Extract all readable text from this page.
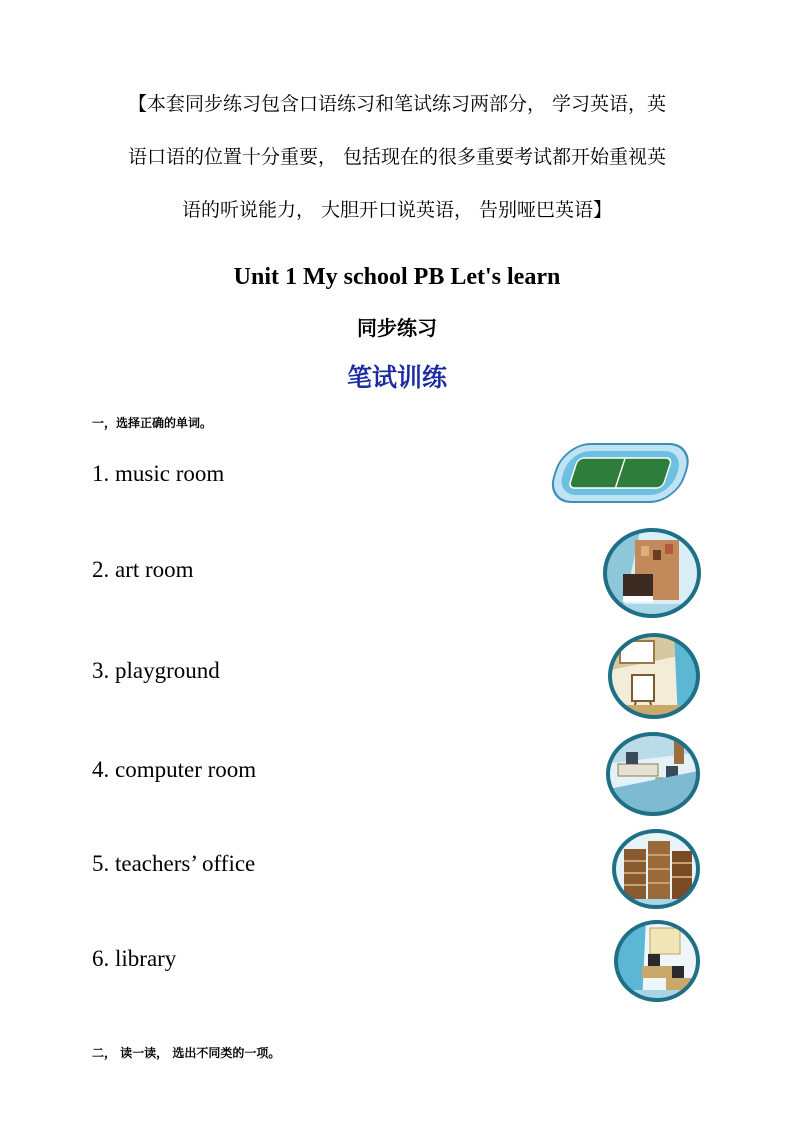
【本套同步练习包含口语练习和笔试练习两部分， 学习英语，英
语口语的位置十分重要， 包括现在的很多重要考试都开始重视英
语的听说能力， 大胆开口说英语， 告别哑巴英语】
Unit 1 My school PB Let's learn
同步练习
笔试训练

一，选择正确的单词。

1. music room
2. art room
3. playground
4. computer room
5. teachers’ office
6. library

二， 读一读， 选出不同类的一项。
